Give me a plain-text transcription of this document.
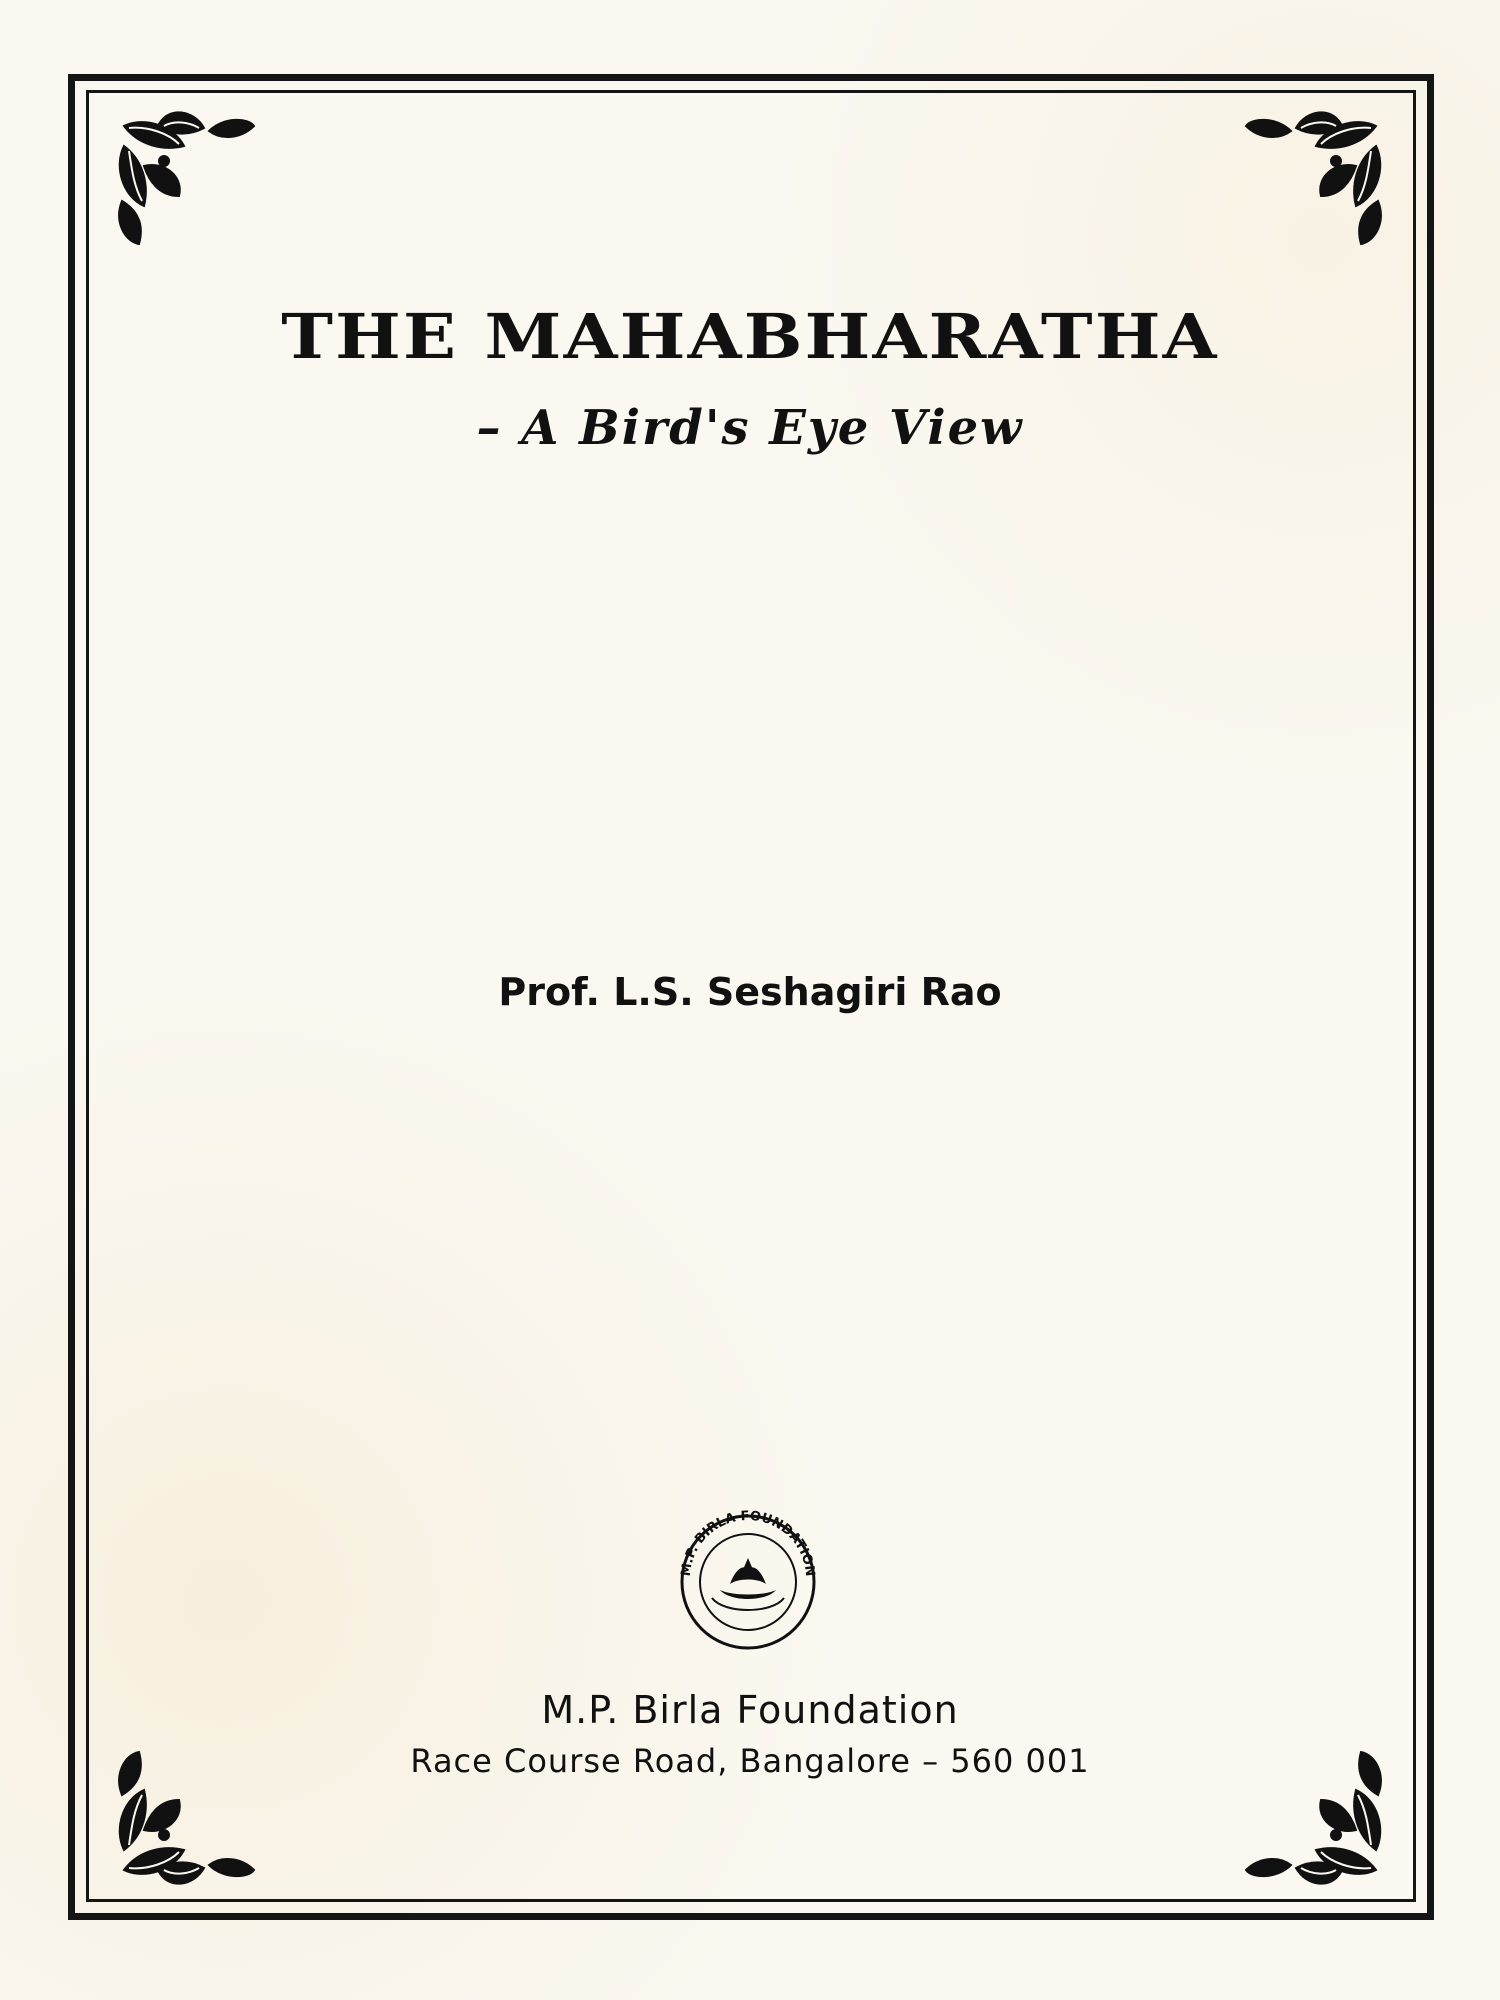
THE MAHABHARATHA
– A Bird's Eye View
Prof. L.S. Seshagiri Rao
M.P. BIRLA FOUNDATION
M.P. Birla Foundation
Race Course Road, Bangalore – 560 001
